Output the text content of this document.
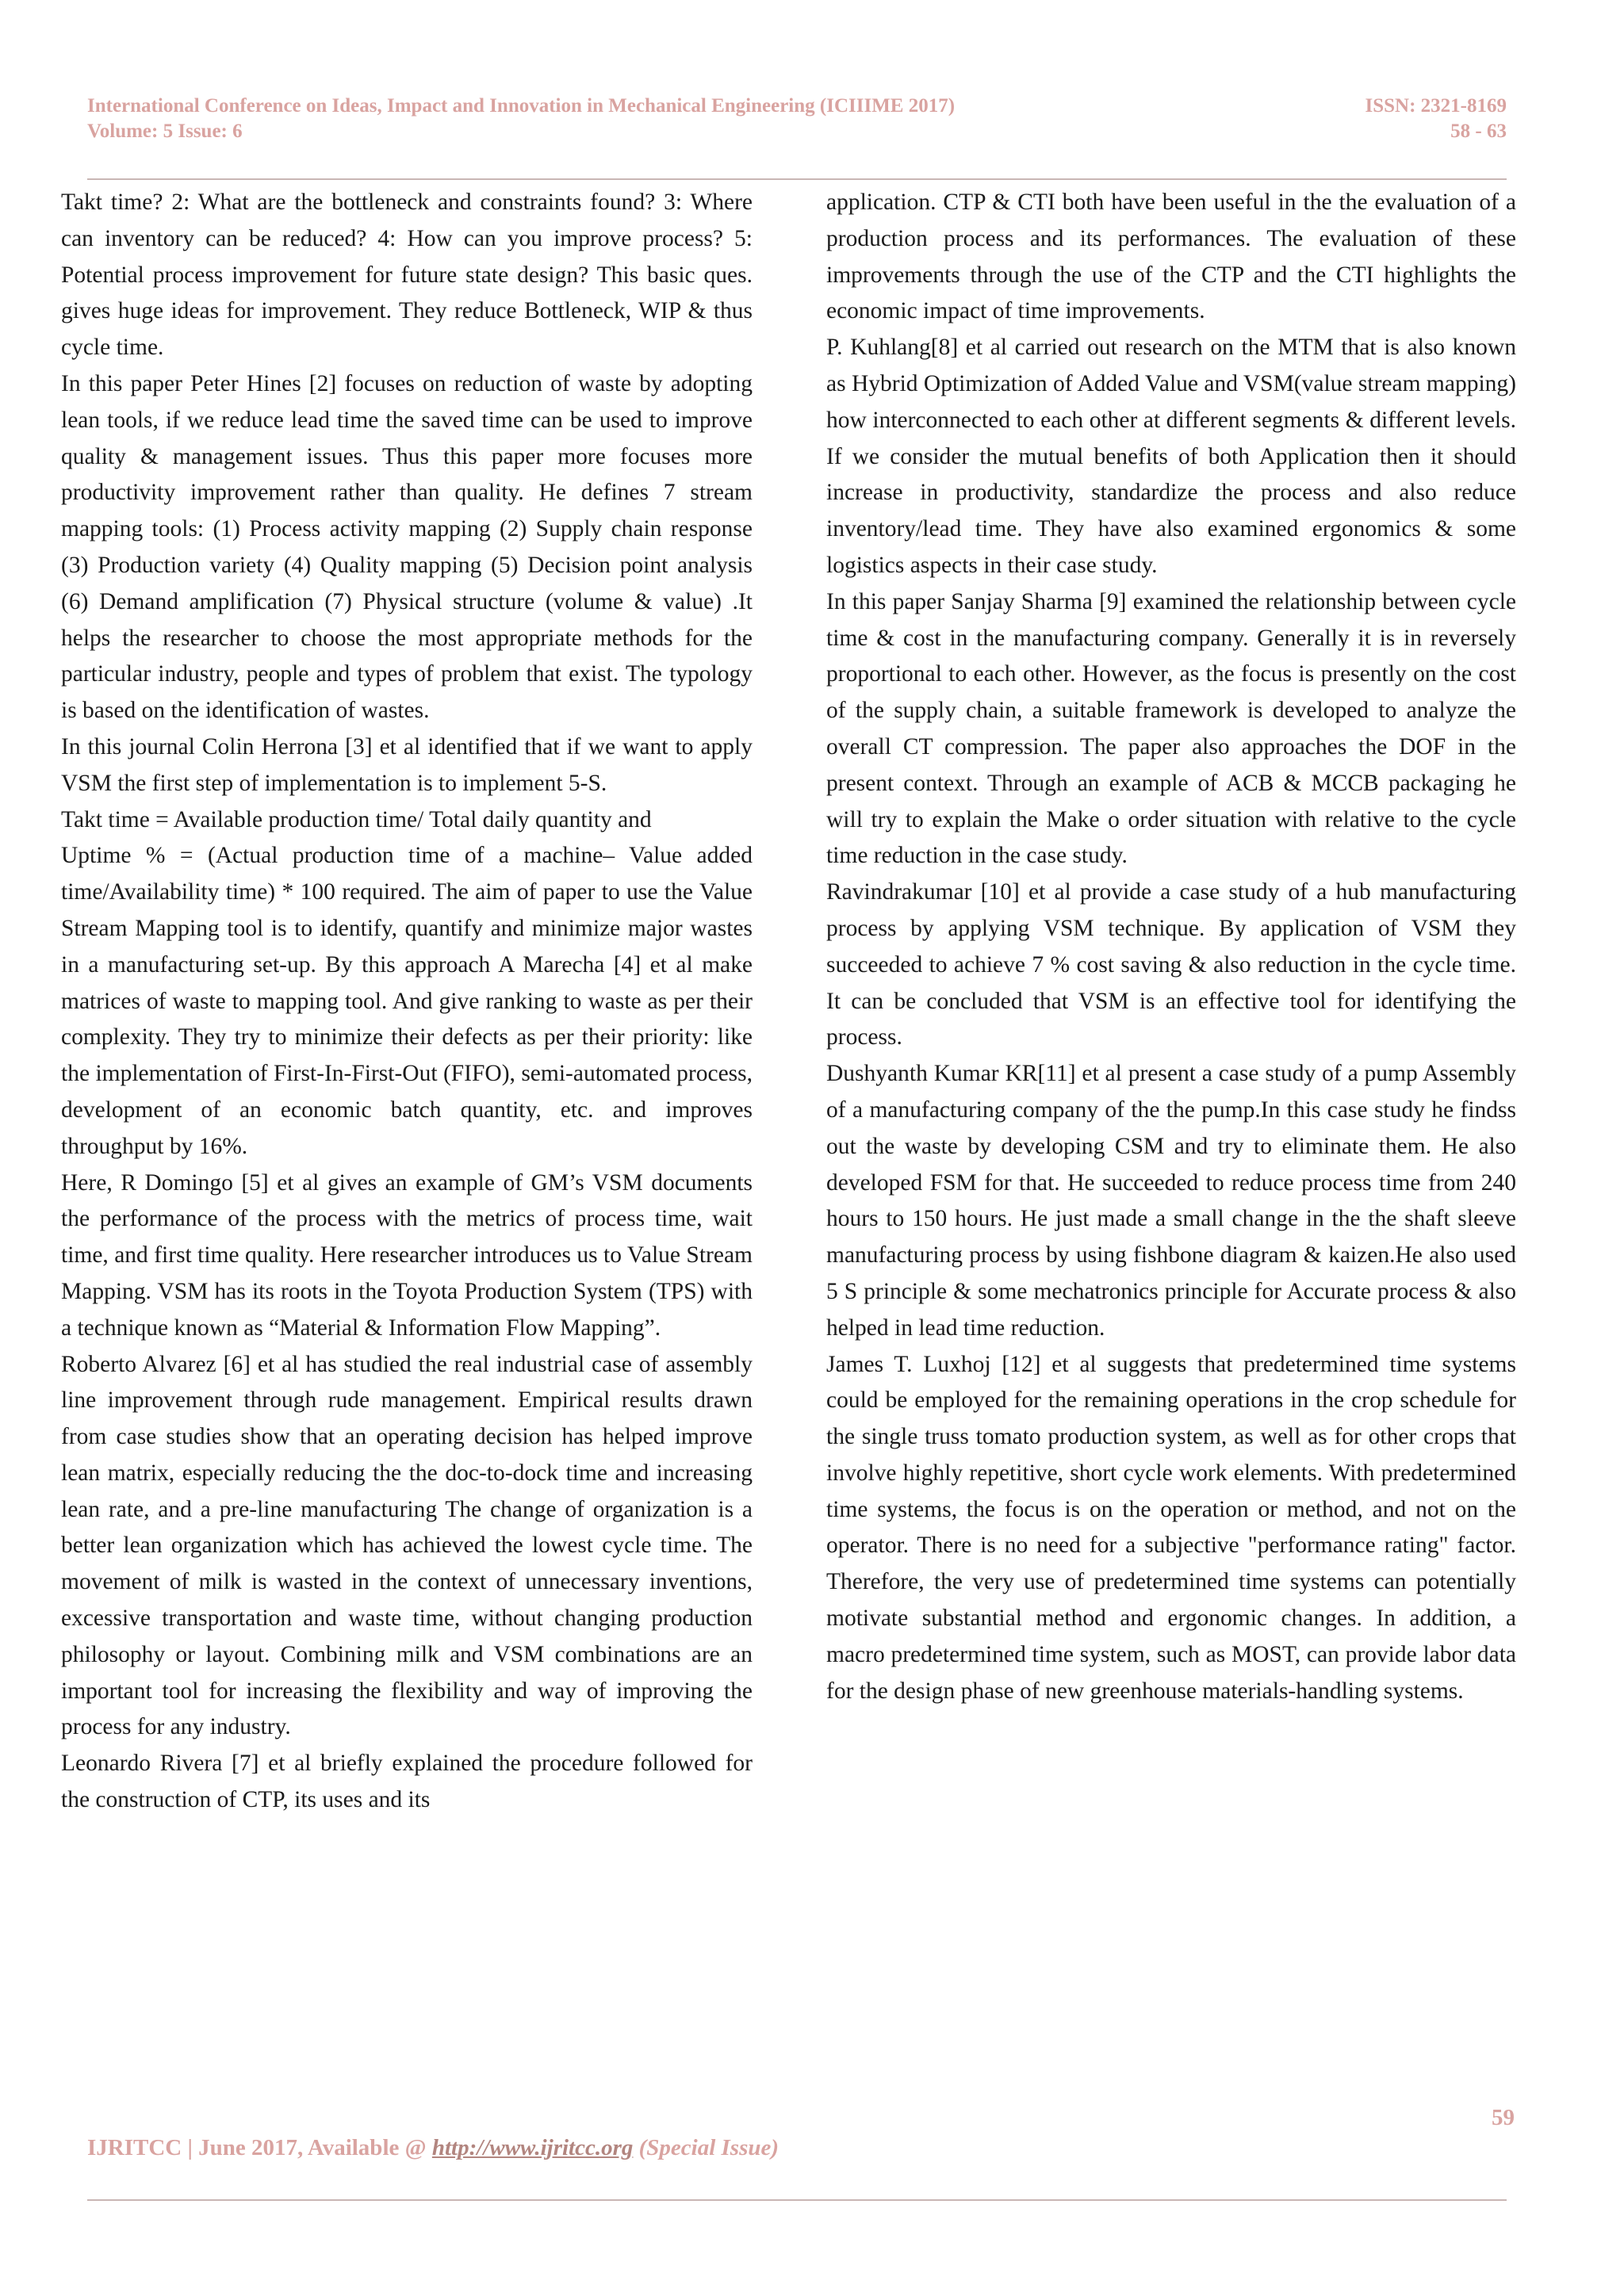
International Conference on Ideas, Impact and Innovation in Mechanical Engineering (ICIIIME 2017)	ISSN: 2321-8169
Volume: 5 Issue: 6	58 - 63

Takt time? 2: What are the bottleneck and constraints found? 3: Where can inventory can be reduced? 4: How can you improve process? 5: Potential process improvement for future state design? This basic ques. gives huge ideas for improvement. They reduce Bottleneck, WIP & thus cycle time.

In this paper Peter Hines [2] focuses on reduction of waste by adopting lean tools, if we reduce lead time the saved time can be used to improve quality & management issues. Thus this paper more focuses more productivity improvement rather than quality. He defines 7 stream mapping tools: (1) Process activity mapping (2) Supply chain response (3) Production variety (4) Quality mapping (5) Decision point analysis (6) Demand amplification (7) Physical structure (volume & value) .It helps the researcher to choose the most appropriate methods for the particular industry, people and types of problem that exist. The typology is based on the identification of wastes.

In this journal Colin Herrona [3] et al identified that if we want to apply VSM the first step of implementation is to implement 5-S.

Takt time = Available production time/ Total daily quantity and

Uptime % = (Actual production time of a machine– Value added time/Availability time) * 100 required. The aim of paper to use the Value Stream Mapping tool is to identify, quantify and minimize major wastes in a manufacturing set-up. By this approach A Marecha [4] et al make matrices of waste to mapping tool. And give ranking to waste as per their complexity. They try to minimize their defects as per their priority: like the implementation of First-In-First-Out (FIFO), semi-automated process, development of an economic batch quantity, etc. and improves throughput by 16%.

Here, R Domingo [5] et al gives an example of GM’s VSM documents the performance of the process with the metrics of process time, wait time, and first time quality. Here researcher introduces us to Value Stream Mapping. VSM has its roots in the Toyota Production System (TPS) with a technique known as “Material & Information Flow Mapping”.

Roberto Alvarez [6] et al has studied the real industrial case of assembly line improvement through rude management. Empirical results drawn from case studies show that an operating decision has helped improve lean matrix, especially reducing the the doc-to-dock time and increasing lean rate, and a pre-line manufacturing The change of organization is a better lean organization which has achieved the lowest cycle time. The movement of milk is wasted in the context of unnecessary inventions, excessive transportation and waste time, without changing production philosophy or layout. Combining milk and VSM combinations are an important tool for increasing the flexibility and way of improving the process for any industry.

Leonardo Rivera [7] et al briefly explained the procedure followed for the construction of CTP, its uses and its

application. CTP & CTI both have been useful in the the evaluation of a production process and its performances. The evaluation of these improvements through the use of the CTP and the CTI highlights the economic impact of time improvements.

P. Kuhlang[8] et al carried out research on the MTM that is also known as Hybrid Optimization of Added Value and VSM(value stream mapping) how interconnected to each other at different segments & different levels. If we consider the mutual benefits of both Application then it should increase in productivity, standardize the process and also reduce inventory/lead time. They have also examined ergonomics & some logistics aspects in their case study.

In this paper Sanjay Sharma [9] examined the relationship between cycle time & cost in the manufacturing company. Generally it is in reversely proportional to each other. However, as the focus is presently on the cost of the supply chain, a suitable framework is developed to analyze the overall CT compression. The paper also approaches the DOF in the present context. Through an example of ACB & MCCB packaging he will try to explain the Make o order situation with relative to the cycle time reduction in the case study.

Ravindrakumar [10] et al provide a case study of a hub manufacturing process by applying VSM technique. By application of VSM they succeeded to achieve 7 % cost saving & also reduction in the cycle time. It can be concluded that VSM is an effective tool for identifying the process.

Dushyanth Kumar KR[11] et al present a case study of a pump Assembly of a manufacturing company of the the pump.In this case study he findss out the waste by developing CSM and try to eliminate them. He also developed FSM for that. He succeeded to reduce process time from 240 hours to 150 hours. He just made a small change in the the shaft sleeve manufacturing process by using fishbone diagram & kaizen.He also used 5 S principle & some mechatronics principle for Accurate process & also helped in lead time reduction.

James T. Luxhoj [12] et al suggests that predetermined time systems could be employed for the remaining operations in the crop schedule for the single truss tomato production system, as well as for other crops that involve highly repetitive, short cycle work elements. With predetermined time systems, the focus is on the operation or method, and not on the operator. There is no need for a subjective "performance rating" factor. Therefore, the very use of predetermined time systems can potentially motivate substantial method and ergonomic changes. In addition, a macro predetermined time system, such as MOST, can provide labor data for the design phase of new greenhouse materials-handling systems.

59
IJRITCC | June 2017, Available @ http://www.ijritcc.org (Special Issue)
